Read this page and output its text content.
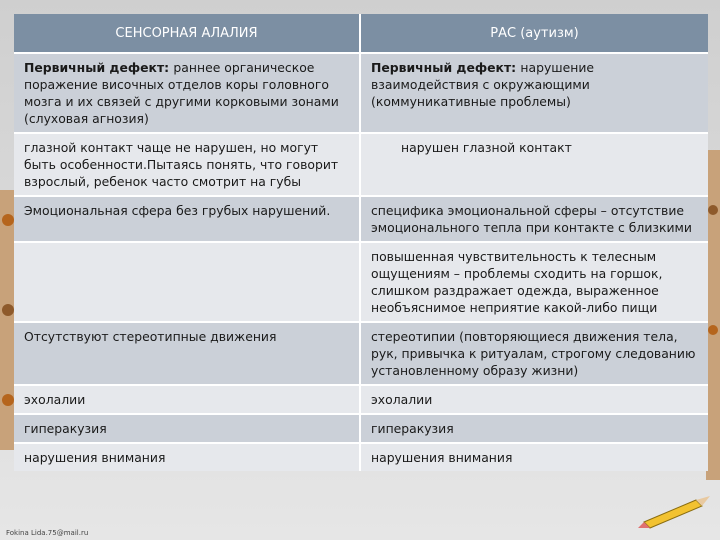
СЕНСОРНАЯ АЛАЛИЯ	РАС (аутизм)
Первичный дефект: раннее органическое поражение височных отделов коры головного мозга и их связей с другими корковыми зонами (слуховая агнозия)	Первичный дефект: нарушение взаимодействия с окружающими (коммуникативные проблемы)
глазной контакт чаще не нарушен, но могут быть особенности.Пытаясь понять, что говорит взрослый, ребенок часто смотрит на губы	нарушен глазной контакт
Эмоциональная сфера без грубых нарушений.	специфика эмоциональной сферы – отсутствие эмоционального тепла при контакте с близкими
	повышенная чувствительность к телесным ощущениям – проблемы сходить на горшок, слишком раздражает одежда, выраженное необъяснимое неприятие какой-либо пищи
Отсутствуют стереотипные движения	стереотипии (повторяющиеся движения тела, рук, привычка к ритуалам, строгому следованию установленному образу жизни)
эхолалии	эхолалии
гиперакузия	гиперакузия
нарушения внимания	нарушения внимания
Fokina Lida.75@mail.ru
